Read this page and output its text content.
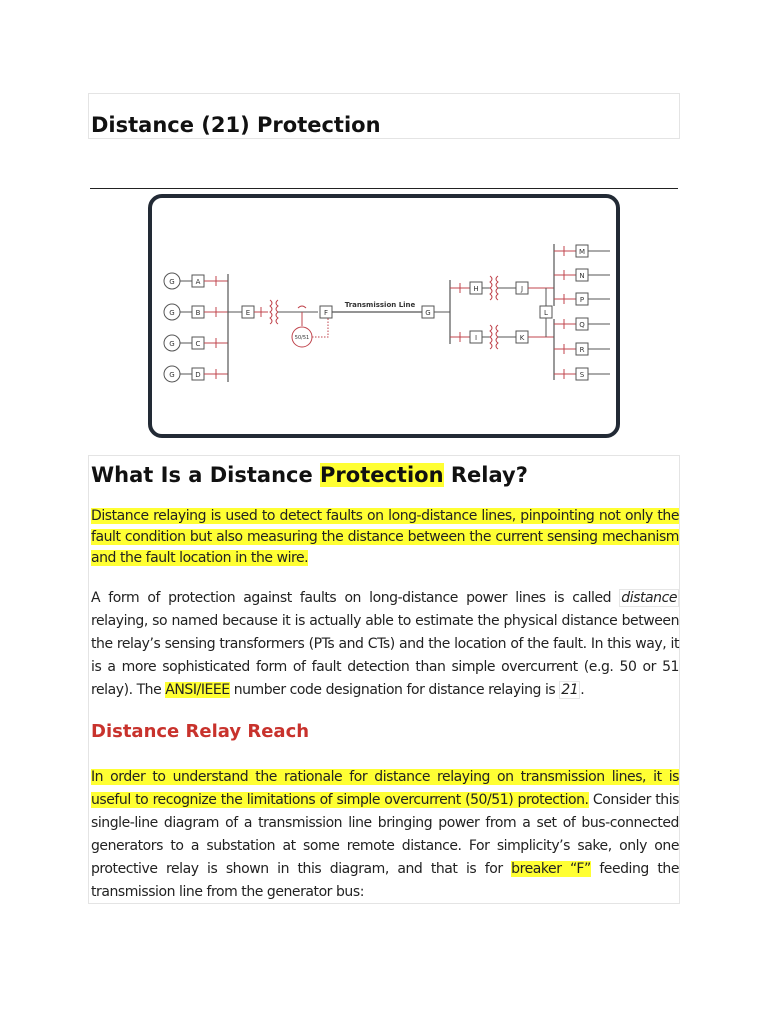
Distance (21) Protection
G	A
G	B
G	C
G	D
E
50/51
F
Transmission Line
G
H	J
I	K
L
M
N
P
Q
R
S
What Is a Distance Protection Relay?

Distance relaying is used to detect faults on long-distance lines, pinpointing not only the fault condition but also measuring the distance between the current sensing mechanism and the fault location in the wire.

A form of protection against faults on long-distance power lines is called distance relaying, so named because it is actually able to estimate the physical distance between the relay’s sensing transformers (PTs and CTs) and the location of the fault. In this way, it is a more sophisticated form of fault detection than simple overcurrent (e.g. 50 or 51 relay). The ANSI/IEEE number code designation for distance relaying is 21 .

Distance Relay Reach

In order to understand the rationale for distance relaying on transmission lines, it is useful to recognize the limitations of simple overcurrent (50/51) protection. Consider this single-line diagram of a transmission line bringing power from a set of bus-connected generators to a substation at some remote distance. For simplicity’s sake, only one protective relay is shown in this diagram, and that is for breaker “F” feeding the transmission line from the generator bus:
